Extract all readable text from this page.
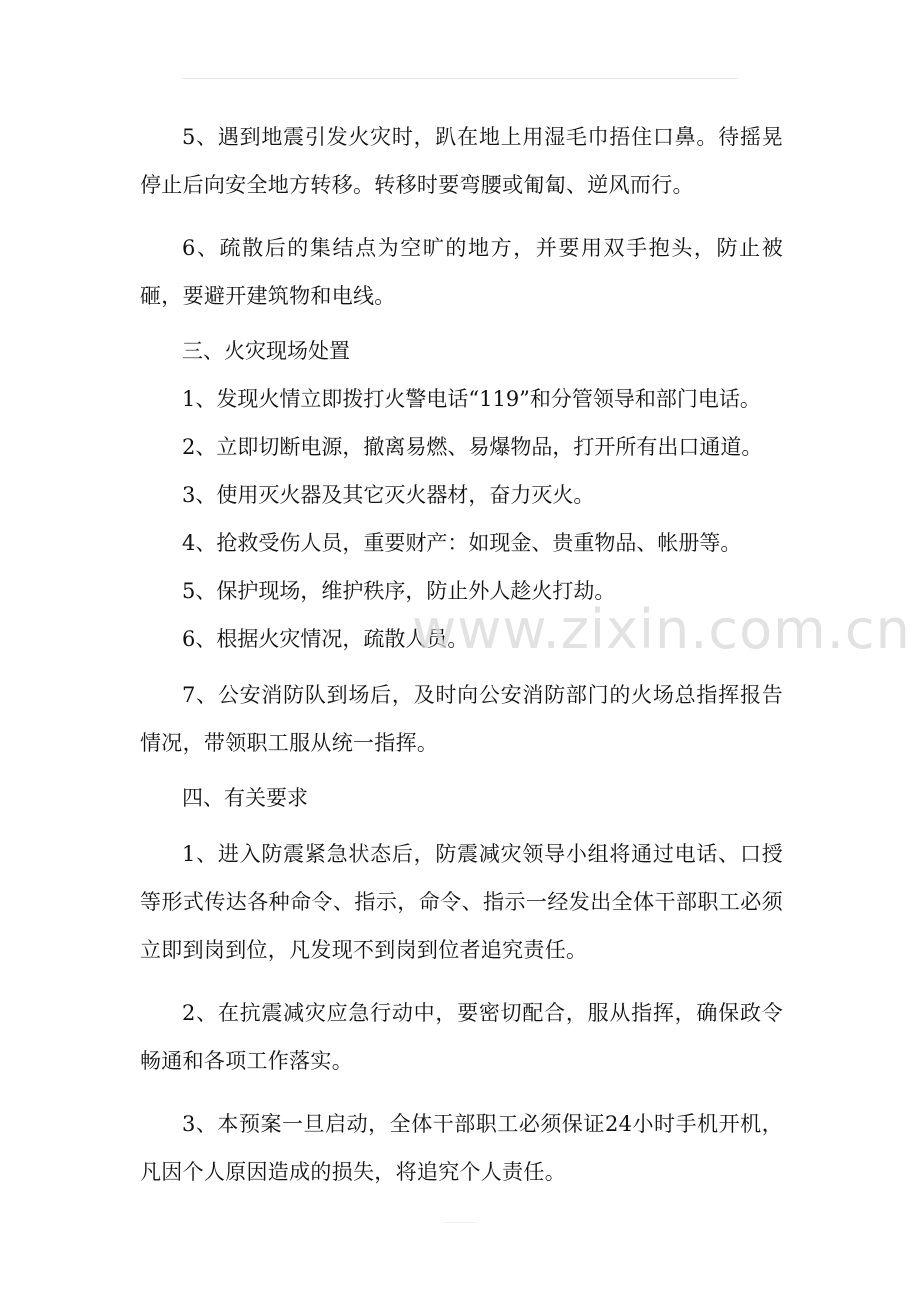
5、遇到地震引发火灾时，趴在地上用湿毛巾捂住口鼻。待摇晃停止后向安全地方转移。转移时要弯腰或匍匐、逆风而行。

6、疏散后的集结点为空旷的地方，并要用双手抱头，防止被砸，要避开建筑物和电线。

三、火灾现场处置

1、发现火情立即拨打火警电话“119”和分管领导和部门电话。

2、立即切断电源，撤离易燃、易爆物品，打开所有出口通道。

3、使用灭火器及其它灭火器材，奋力灭火。

4、抢救受伤人员，重要财产：如现金、贵重物品、帐册等。

5、保护现场，维护秩序，防止外人趁火打劫。

6、根据火灾情况，疏散人员。

7、公安消防队到场后，及时向公安消防部门的火场总指挥报告情况，带领职工服从统一指挥。

四、有关要求

1、进入防震紧急状态后，防震减灾领导小组将通过电话、口授等形式传达各种命令、指示，命令、指示一经发出全体干部职工必须立即到岗到位，凡发现不到岗到位者追究责任。

2、在抗震减灾应急行动中，要密切配合，服从指挥，确保政令畅通和各项工作落实。

3、本预案一旦启动，全体干部职工必须保证24小时手机开机，凡因个人原因造成的损失，将追究个人责任。

www.zixin.com.cn
